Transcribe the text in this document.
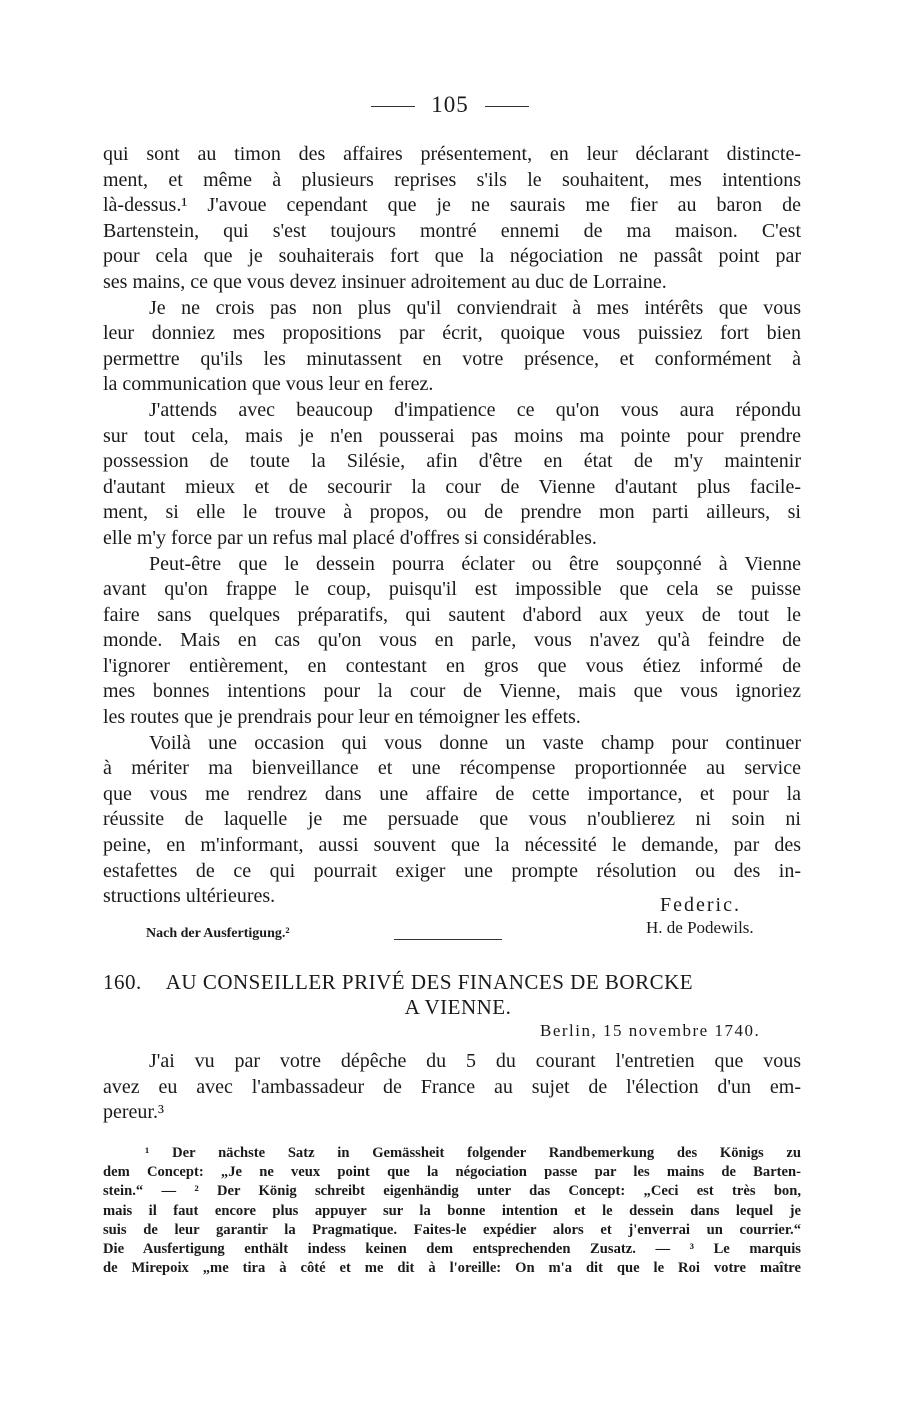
105
qui sont au timon des affaires présentement, en leur déclarant distincte-
ment, et même à plusieurs reprises s'ils le souhaitent, mes intentions
là-dessus.¹ J'avoue cependant que je ne saurais me fier au baron de
Bartenstein, qui s'est toujours montré ennemi de ma maison. C'est
pour cela que je souhaiterais fort que la négociation ne passât point par
ses mains, ce que vous devez insinuer adroitement au duc de Lorraine.
Je ne crois pas non plus qu'il conviendrait à mes intérêts que vous
leur donniez mes propositions par écrit, quoique vous puissiez fort bien
permettre qu'ils les minutassent en votre présence, et conformément à
la communication que vous leur en ferez.
J'attends avec beaucoup d'impatience ce qu'on vous aura répondu
sur tout cela, mais je n'en pousserai pas moins ma pointe pour prendre
possession de toute la Silésie, afin d'être en état de m'y maintenir
d'autant mieux et de secourir la cour de Vienne d'autant plus facile-
ment, si elle le trouve à propos, ou de prendre mon parti ailleurs, si
elle m'y force par un refus mal placé d'offres si considérables.
Peut-être que le dessein pourra éclater ou être soupçonné à Vienne
avant qu'on frappe le coup, puisqu'il est impossible que cela se puisse
faire sans quelques préparatifs, qui sautent d'abord aux yeux de tout le
monde. Mais en cas qu'on vous en parle, vous n'avez qu'à feindre de
l'ignorer entièrement, en contestant en gros que vous étiez informé de
mes bonnes intentions pour la cour de Vienne, mais que vous ignoriez
les routes que je prendrais pour leur en témoigner les effets.
Voilà une occasion qui vous donne un vaste champ pour continuer
à mériter ma bienveillance et une récompense proportionnée au service
que vous me rendrez dans une affaire de cette importance, et pour la
réussite de laquelle je me persuade que vous n'oublierez ni soin ni
peine, en m'informant, aussi souvent que la nécessité le demande, par des
estafettes de ce qui pourrait exiger une prompte résolution ou des in-
structions ultérieures.	Federic.
Nach der Ausfertigung.²	H. de Podewils.
160. AU CONSEILLER PRIVÉ DES FINANCES DE BORCKE
A VIENNE.
Berlin, 15 novembre 1740.
J'ai vu par votre dépêche du 5 du courant l'entretien que vous
avez eu avec l'ambassadeur de France au sujet de l'élection d'un em-
pereur.³
¹ Der nächste Satz in Gemässheit folgender Randbemerkung des Königs zu
dem Concept: „Je ne veux point que la négociation passe par les mains de Barten-
stein.“ — ² Der König schreibt eigenhändig unter das Concept: „Ceci est très bon,
mais il faut encore plus appuyer sur la bonne intention et le dessein dans lequel je
suis de leur garantir la Pragmatique. Faites-le expédier alors et j'enverrai un courrier.“
Die Ausfertigung enthält indess keinen dem entsprechenden Zusatz. — ³ Le marquis
de Mirepoix „me tira à côté et me dit à l'oreille: On m'a dit que le Roi votre maître
